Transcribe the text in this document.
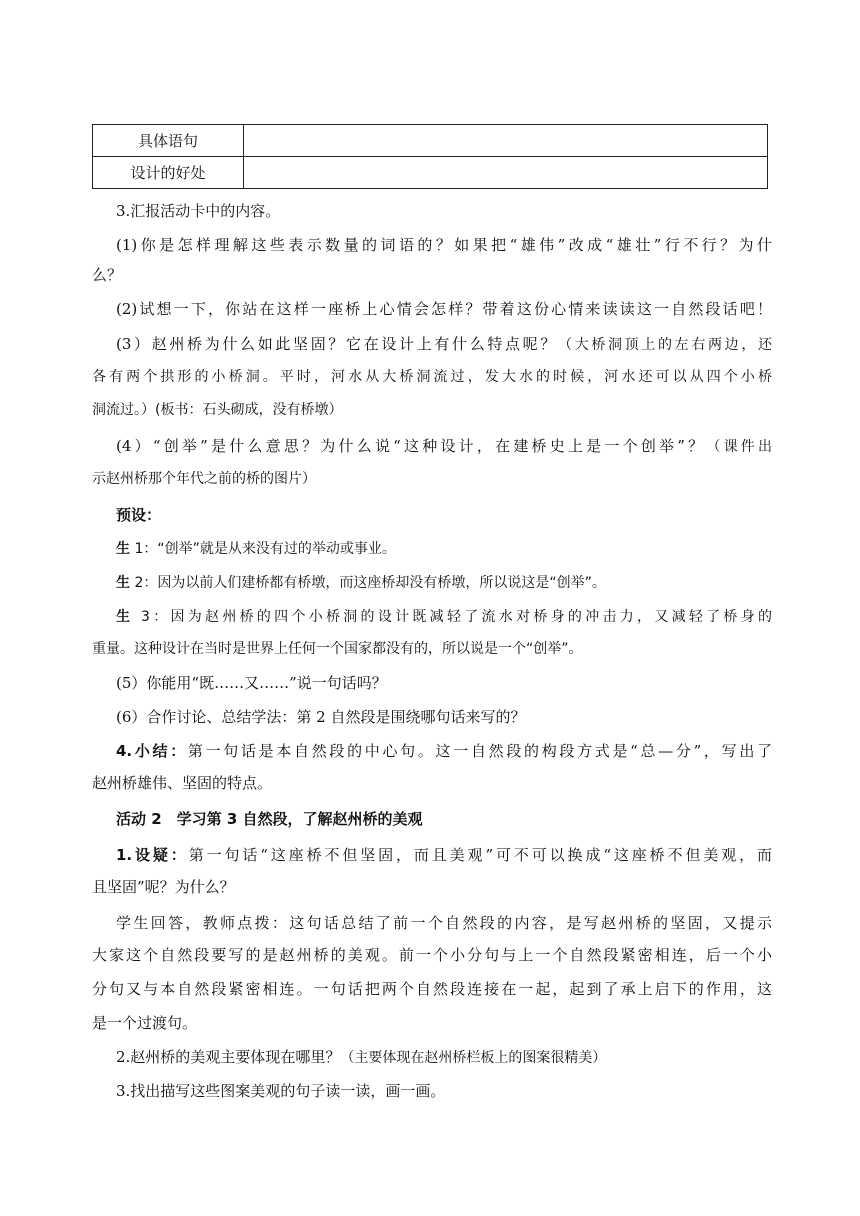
具体语句	
设计的好处	
3.汇报活动卡中的内容。
(1)你是怎样理解这些表示数量的词语的？如果把“雄伟”改成“雄壮”行不行？为什
么？
(2)试想一下，你站在这样一座桥上心情会怎样？带着这份心情来读读这一自然段话吧！
(3）赵州桥为什么如此坚固？它在设计上有什么特点呢？（大桥洞顶上的左右两边，还
各有两个拱形的小桥洞。平时，河水从大桥洞流过，发大水的时候，河水还可以从四个小桥
洞流过。）(板书：石头砌成，没有桥墩）
(4）“创举”是什么意思？为什么说“这种设计，在建桥史上是一个创举”？（课件出
示赵州桥那个年代之前的桥的图片）
预设：
生 1：“创举”就是从来没有过的举动或事业。
生 2：因为以前人们建桥都有桥墩，而这座桥却没有桥墩，所以说这是“创举”。
生 3：因为赵州桥的四个小桥洞的设计既减轻了流水对桥身的冲击力，又减轻了桥身的
重量。这种设计在当时是世界上任何一个国家都没有的，所以说是一个“创举”。
(5）你能用“既……又……”说一句话吗？
(6）合作讨论、总结学法：第 2 自然段是围绕哪句话来写的？
4.小结：第一句话是本自然段的中心句。这一自然段的构段方式是“总—分”，写出了
赵州桥雄伟、坚固的特点。
活动 2　学习第 3 自然段，了解赵州桥的美观
1.设疑：第一句话“这座桥不但坚固，而且美观”可不可以换成“这座桥不但美观，而
且坚固”呢？为什么？
学生回答，教师点拨：这句话总结了前一个自然段的内容，是写赵州桥的坚固，又提示
大家这个自然段要写的是赵州桥的美观。前一个小分句与上一个自然段紧密相连，后一个小
分句又与本自然段紧密相连。一句话把两个自然段连接在一起，起到了承上启下的作用，这
是一个过渡句。
2.赵州桥的美观主要体现在哪里？（主要体现在赵州桥栏板上的图案很精美）
3.找出描写这些图案美观的句子读一读，画一画。
